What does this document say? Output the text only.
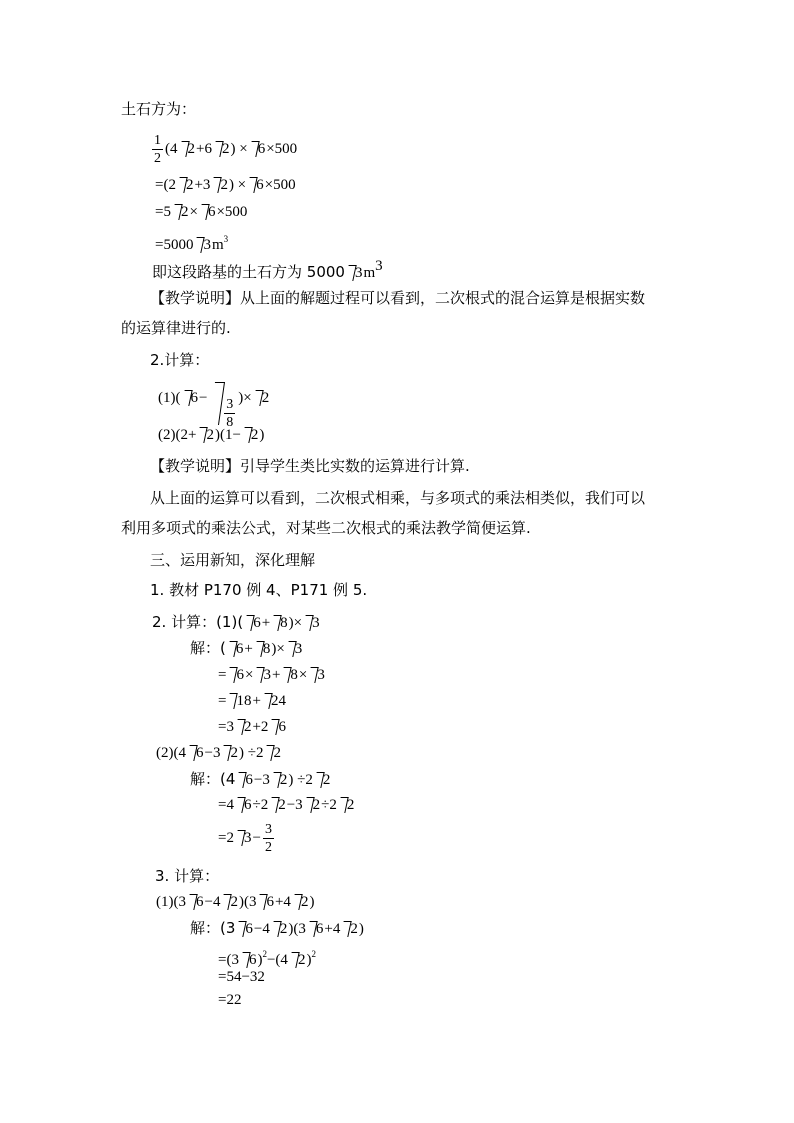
土石方为：
$\frac{1}{2} (4$ 2+6 2) × 6×500
=(2 2+3 2) × 6×500
=5 2× 6×500
=5000 $3m^3$
即这段路基的土石方为 5000 $3m^3$
【教学说明】从上面的解题过程可以看到，二次根式的混合运算是根据实数
的运算律进行的.
2.计算：
(1)( $6- \frac{3}{8}$ )× 2
(2)(2+ 2)(1− 2)
【教学说明】引导学生类比实数的运算进行计算.
从上面的运算可以看到，二次根式相乘，与多项式的乘法相类似，我们可以
利用多项式的乘法公式，对某些二次根式的乘法教学简便运算.
三、运用新知，深化理解
1. 教材 P170 例 4、P171 例 5.
2. 计算：(1)( 6+ 8)× 3
解：( 6+ 8)× 3
= 6× 3+ 8× 3
= 18+ 24
=3 2+2 6
(2)(4 6−3 2) ÷2 2
解：(4 6−3 2) ÷2 2
=4 6÷2 2−3 2÷2 2
=2 $3- \frac{3}{2}$
3. 计算：
(1)(3 6−4 2)(3 6+4 2)
解：(3 6−4 2)(3 6+4 2)
=(3 6)$^2$−(4 2)$^2$
=54−32
=22
